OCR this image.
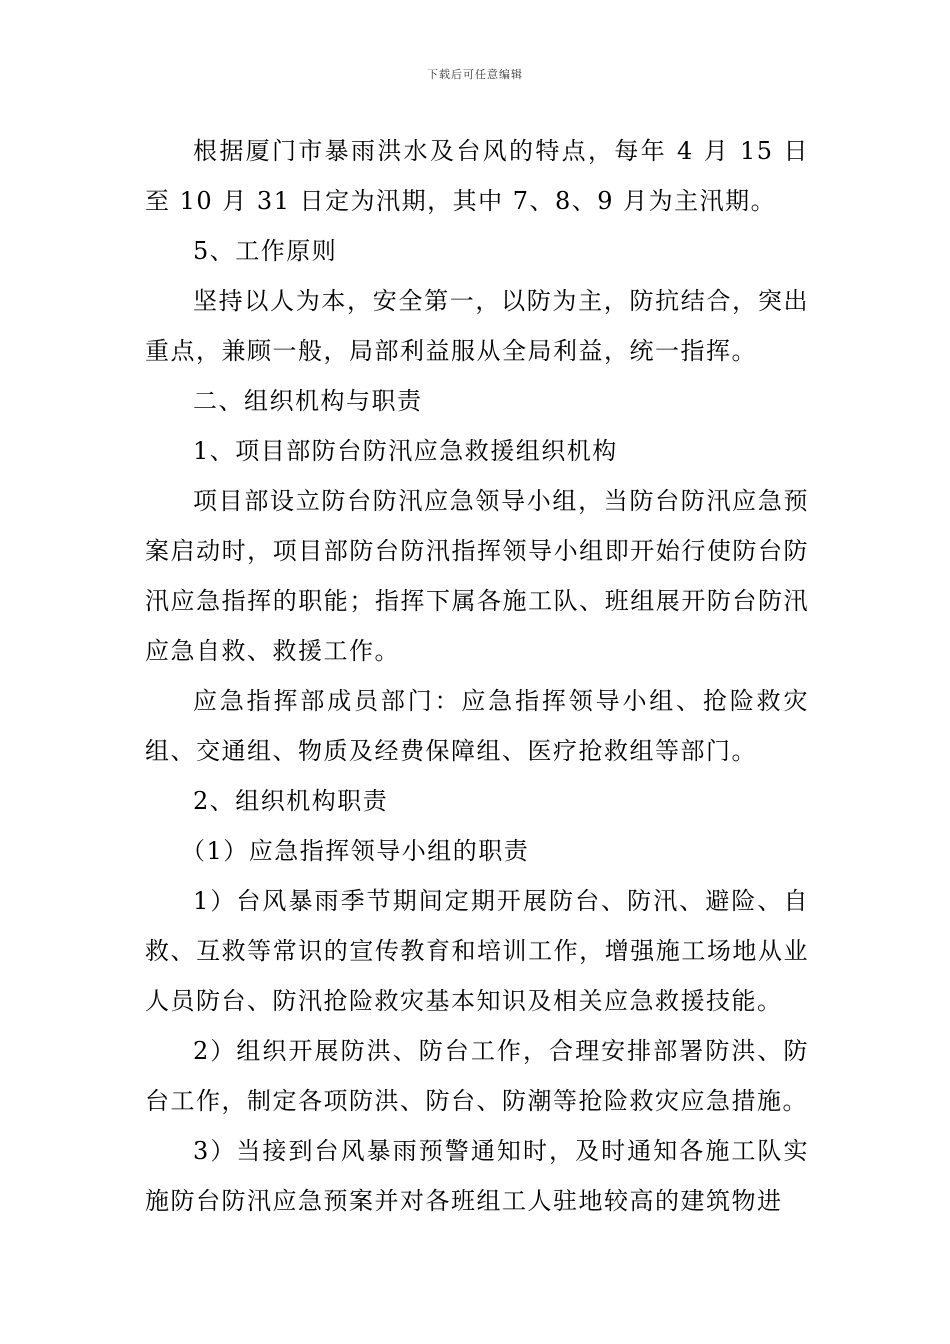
下载后可任意编辑

根据厦门市暴雨洪水及台风的特点，每年 4 月 15 日至 10 月 31 日定为汛期，其中 7、8、9 月为主汛期。

5、工作原则

坚持以人为本，安全第一，以防为主，防抗结合，突出重点，兼顾一般，局部利益服从全局利益，统一指挥。

二、组织机构与职责

1、项目部防台防汛应急救援组织机构

项目部设立防台防汛应急领导小组，当防台防汛应急预案启动时，项目部防台防汛指挥领导小组即开始行使防台防汛应急指挥的职能；指挥下属各施工队、班组展开防台防汛应急自救、救援工作。

应急指挥部成员部门：应急指挥领导小组、抢险救灾组、交通组、物质及经费保障组、医疗抢救组等部门。

2、组织机构职责

（1）应急指挥领导小组的职责

1）台风暴雨季节期间定期开展防台、防汛、避险、自救、互救等常识的宣传教育和培训工作，增强施工场地从业人员防台、防汛抢险救灾基本知识及相关应急救援技能。

2）组织开展防洪、防台工作，合理安排部署防洪、防台工作，制定各项防洪、防台、防潮等抢险救灾应急措施。

3）当接到台风暴雨预警通知时，及时通知各施工队实施防台防汛应急预案并对各班组工人驻地较高的建筑物进
